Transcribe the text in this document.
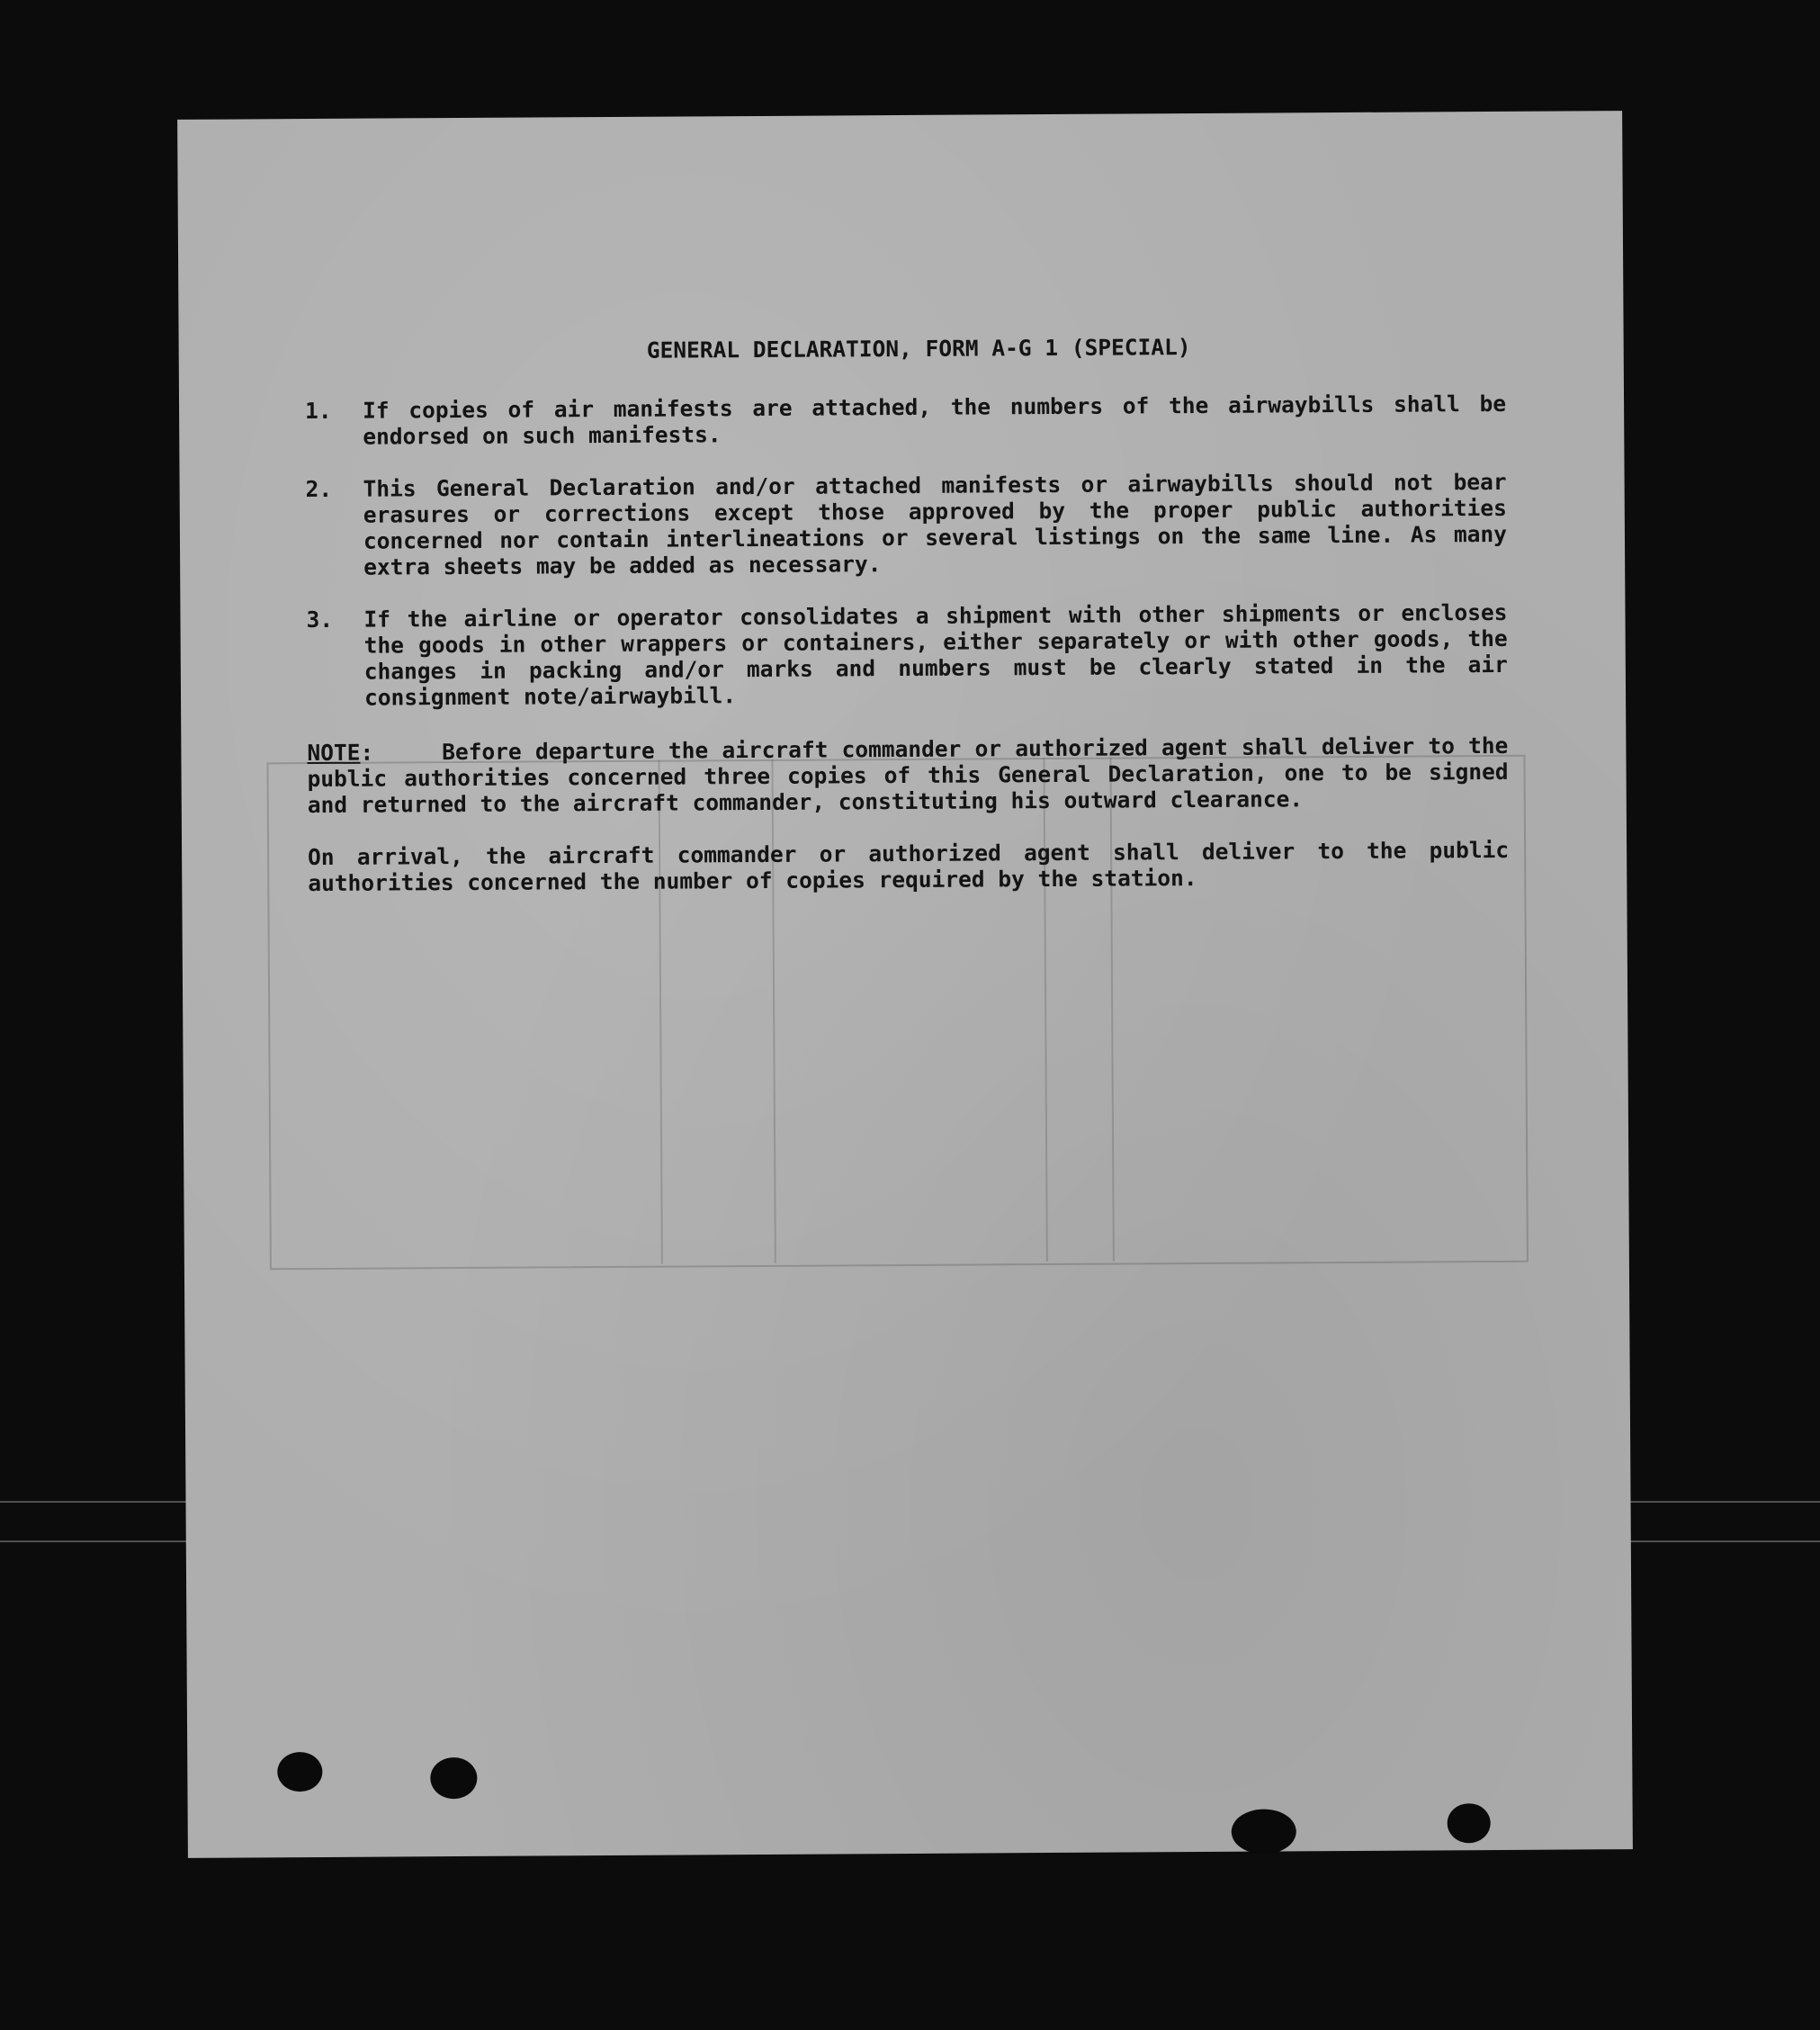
GENERAL DECLARATION, FORM A-G 1 (SPECIAL)
1.	If copies of air manifests are attached, the numbers of the airwaybills shall be endorsed on such manifests.
2.	This General Declaration and/or attached manifests or airwaybills should not bear erasures or corrections except those approved by the proper public authorities concerned nor contain interlineations or several listings on the same line. As many extra sheets may be added as necessary.
3.	If the airline or operator consolidates a shipment with other shipments or encloses the goods in other wrappers or containers, either separately or with other goods, the changes in packing and/or marks and numbers must be clearly stated in the air consignment note/airwaybill.
NOTE:     Before departure the aircraft commander or authorized agent shall deliver to the public authorities concerned three copies of this General Declaration, one to be signed and returned to the aircraft commander, constituting his outward clearance.
On arrival, the aircraft commander or authorized agent shall deliver to the public authorities concerned the number of copies required by the station.
